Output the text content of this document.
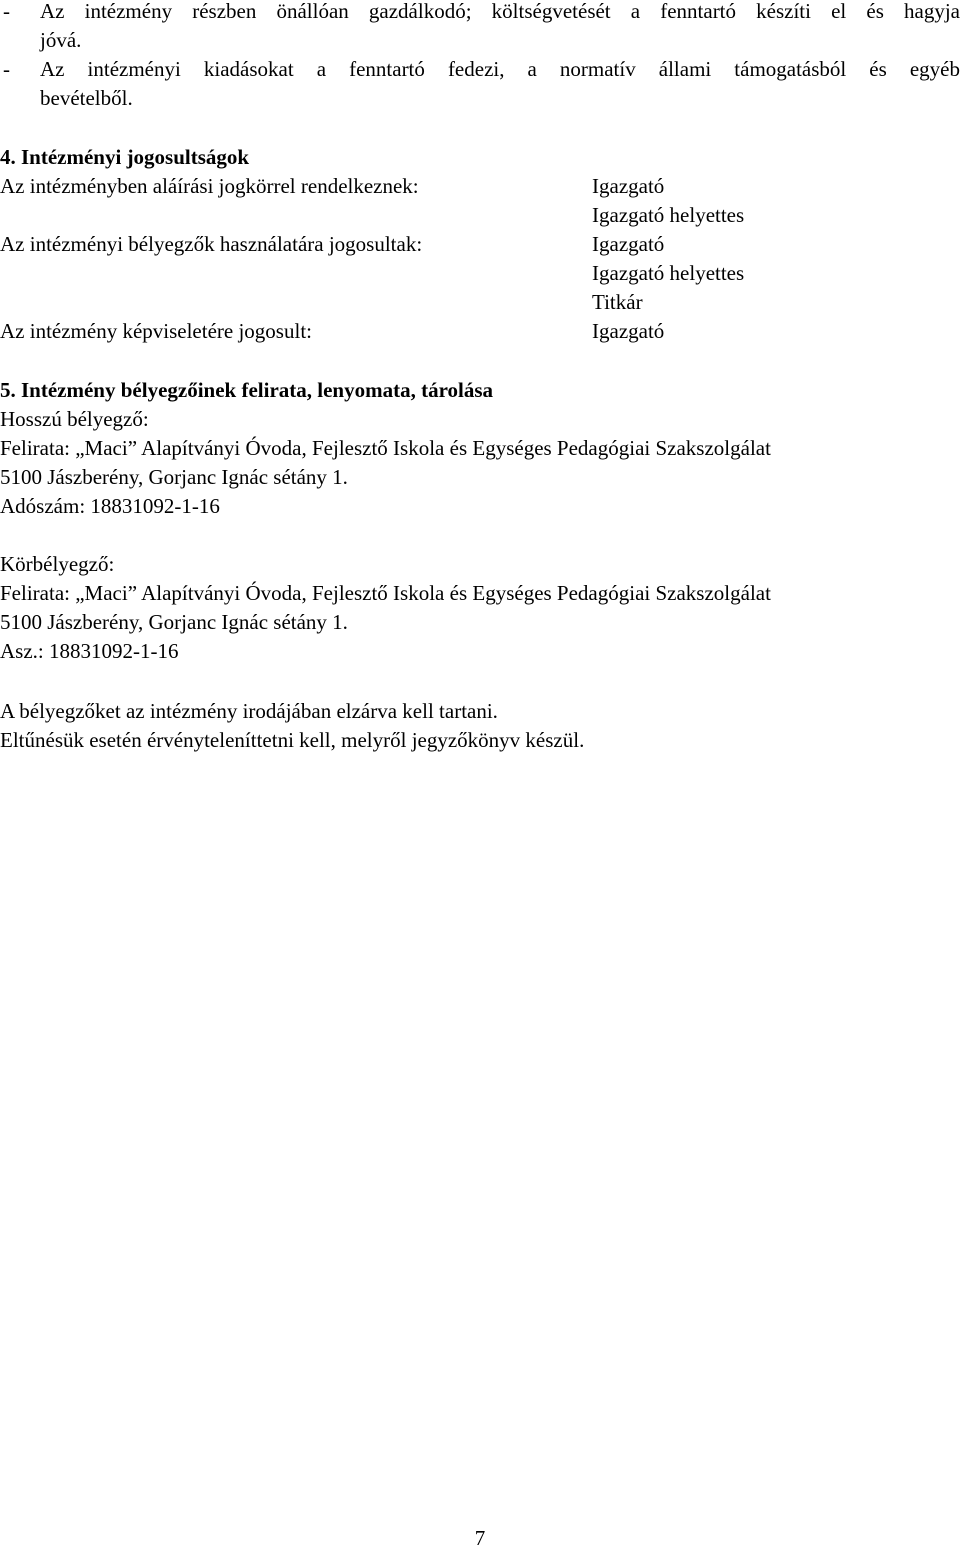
- Az intézmény részben önállóan gazdálkodó; költségvetését a fenntartó készíti el és hagyja
jóvá.
- Az intézményi kiadásokat a fenntartó fedezi, a normatív állami támogatásból és egyéb
bevételből.
4. Intézményi jogosultságok
Az intézményben aláírási jogkörrel rendelkeznek:	Igazgató
Igazgató helyettes
Az intézményi bélyegzők használatára jogosultak:	Igazgató
Igazgató helyettes
Titkár
Az intézmény képviseletére jogosult:	Igazgató
5. Intézmény bélyegzőinek felirata, lenyomata, tárolása
Hosszú bélyegző:
Felirata: „Maci” Alapítványi Óvoda, Fejlesztő Iskola és Egységes Pedagógiai Szakszolgálat
5100 Jászberény, Gorjanc Ignác sétány 1.
Adószám: 18831092-1-16
Körbélyegző:
Felirata: „Maci” Alapítványi Óvoda, Fejlesztő Iskola és Egységes Pedagógiai Szakszolgálat
5100 Jászberény, Gorjanc Ignác sétány 1.
Asz.: 18831092-1-16
A bélyegzőket az intézmény irodájában elzárva kell tartani.
Eltűnésük esetén érvényteleníttetni kell, melyről jegyzőkönyv készül.
7
